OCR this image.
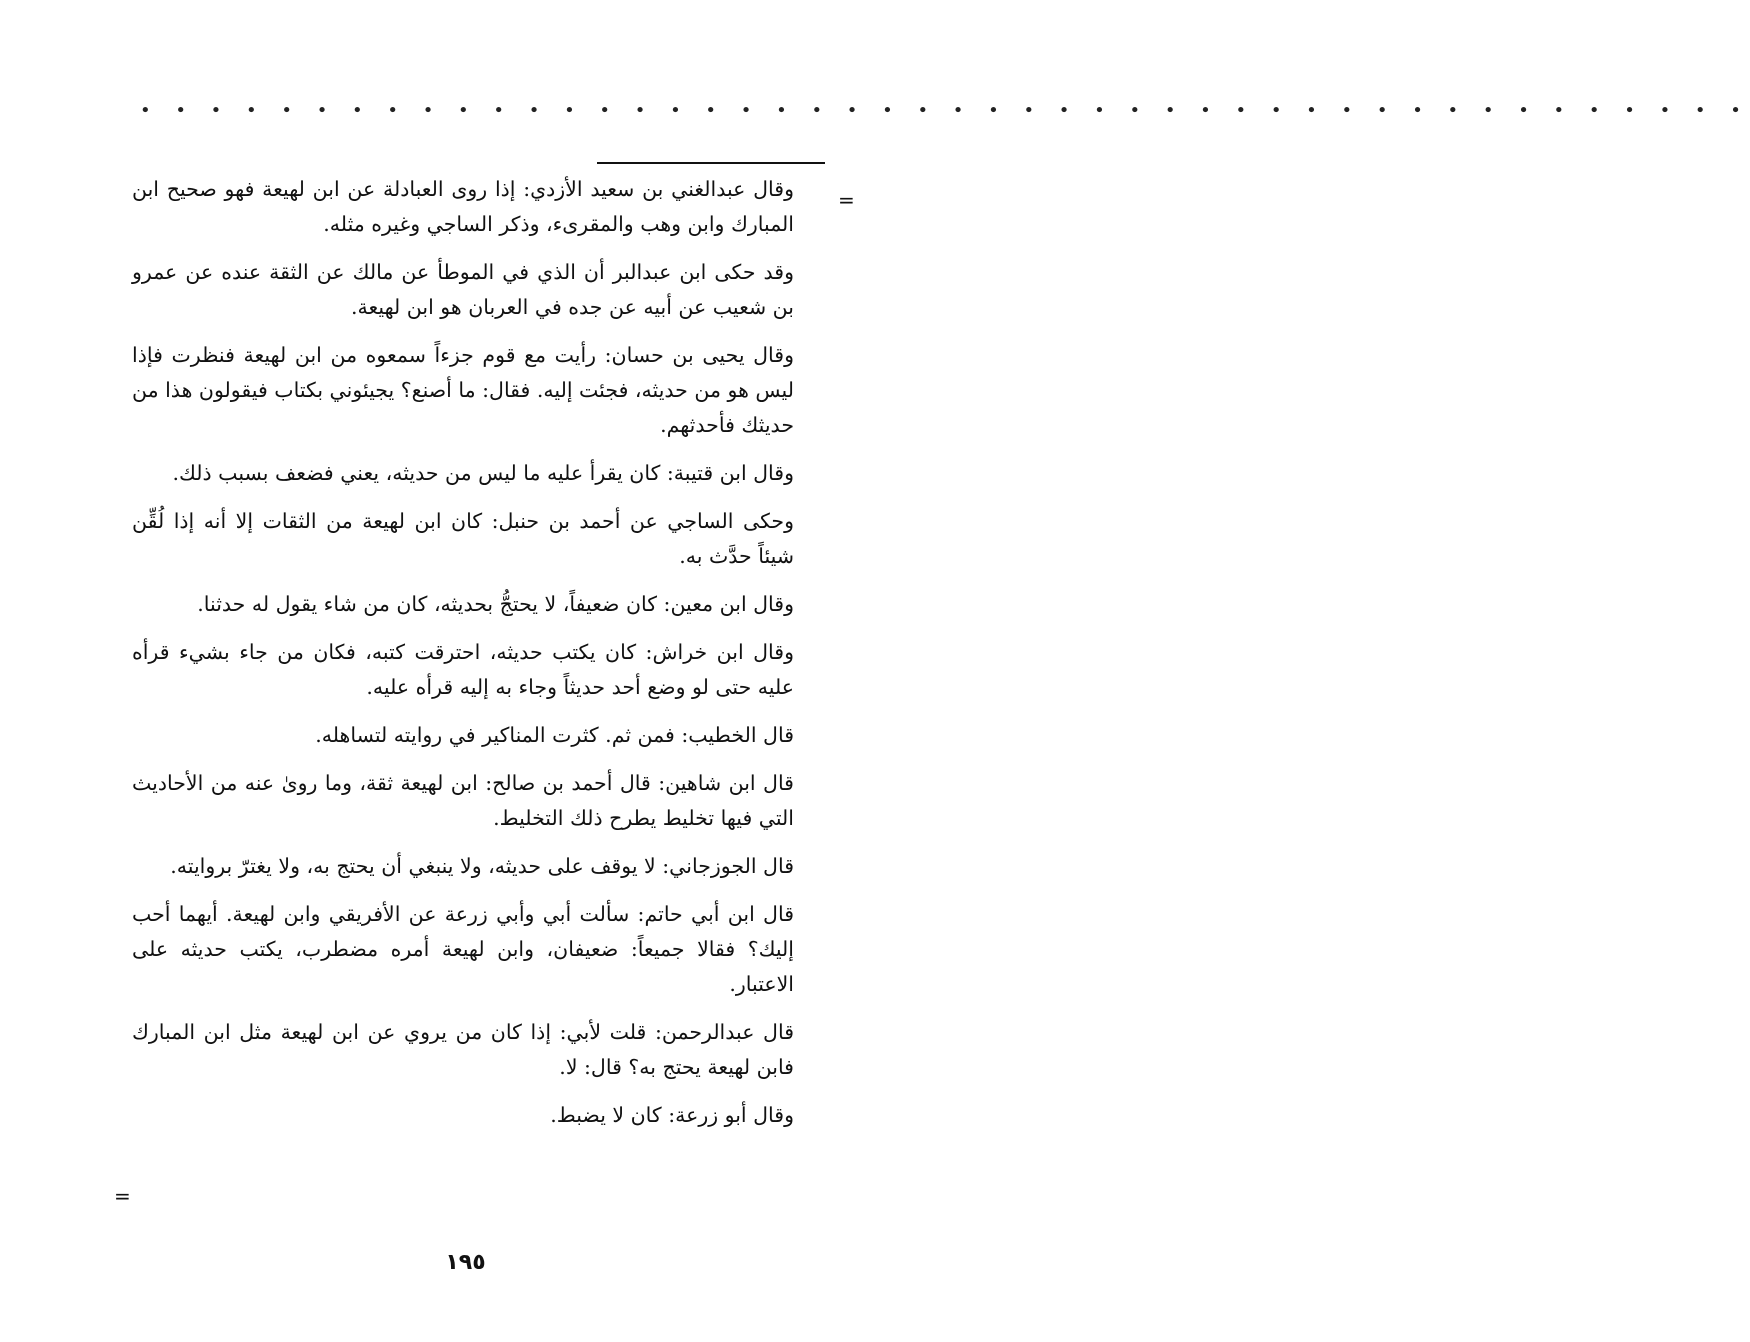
• • • • • • • • • • • • • • • • • • • • • • • • • • • • • • • • • • • • • • • • • • • • • •
=

وقال عبدالغني بن سعيد الأزدي: إذا روى العبادلة عن ابن لهيعة فهو صحيح ابن المبارك وابن وهب والمقرىء، وذكر الساجي وغيره مثله.

وقد حكى ابن عبدالبر أن الذي في الموطأ عن مالك عن الثقة عنده عن عمرو بن شعيب عن أبيه عن جده في العربان هو ابن لهيعة.

وقال يحيى بن حسان: رأيت مع قوم جزءاً سمعوه من ابن لهيعة فنظرت فإذا ليس هو من حديثه، فجئت إليه. فقال: ما أصنع؟ يجيئوني بكتاب فيقولون هذا من حديثك فأحدثهم.

وقال ابن قتيبة: كان يقرأ عليه ما ليس من حديثه، يعني فضعف بسبب ذلك.

وحكى الساجي عن أحمد بن حنبل: كان ابن لهيعة من الثقات إلا أنه إذا لُقِّن شيئاً حدَّث به.

وقال ابن معين: كان ضعيفاً، لا يحتجُّ بحديثه، كان من شاء يقول له حدثنا.

وقال ابن خراش: كان يكتب حديثه، احترقت كتبه، فكان من جاء بشيء قرأه عليه حتى لو وضع أحد حديثاً وجاء به إليه قرأه عليه.

قال الخطيب: فمن ثم. كثرت المناكير في روايته لتساهله.

قال ابن شاهين: قال أحمد بن صالح: ابن لهيعة ثقة، وما روىٰ عنه من الأحاديث التي فيها تخليط يطرح ذلك التخليط.

قال الجوزجاني: لا يوقف على حديثه، ولا ينبغي أن يحتج به، ولا يغترّ بروايته.

قال ابن أبي حاتم: سألت أبي وأبي زرعة عن الأفريقي وابن لهيعة. أيهما أحب إليك؟ فقالا جميعاً: ضعيفان، وابن لهيعة أمره مضطرب، يكتب حديثه على الاعتبار.

قال عبدالرحمن: قلت لأبي: إذا كان من يروي عن ابن لهيعة مثل ابن المبارك فابن لهيعة يحتج به؟ قال: لا.

وقال أبو زرعة: كان لا يضبط.

=
١٩٥
